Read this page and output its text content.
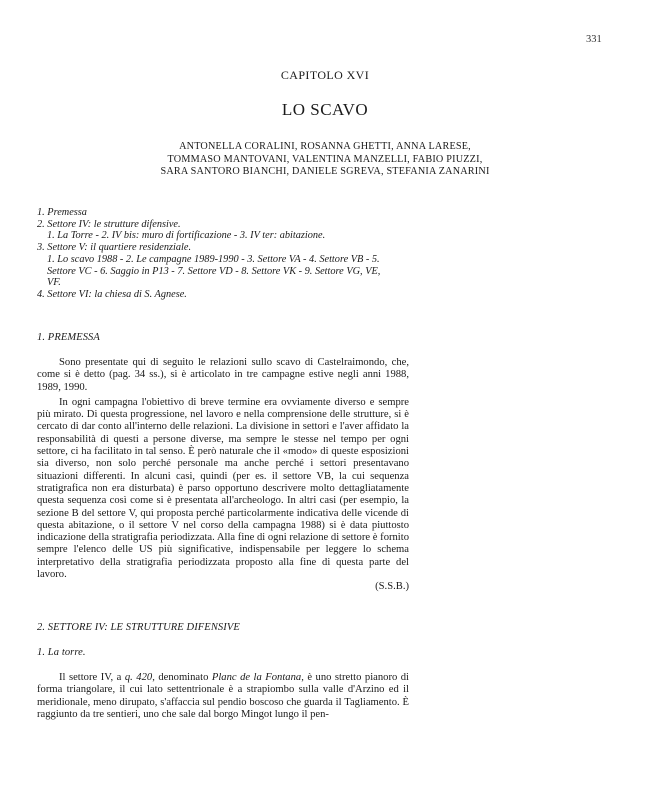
331
CAPITOLO XVI
LO SCAVO
ANTONELLA CORALINI, ROSANNA GHETTI, ANNA LARESE,
TOMMASO MANTOVANI, VALENTINA MANZELLI, FABIO PIUZZI,
SARA SANTORO BIANCHI, DANIELE SGREVA, STEFANIA ZANARINI
1. Premessa
2. Settore IV: le strutture difensive.
1. La Torre - 2. IV bis: muro di fortificazione - 3. IV ter: abitazione.
3. Settore V: il quartiere residenziale.
1. Lo scavo 1988 - 2. Le campagne 1989-1990 - 3. Settore VA - 4. Settore VB - 5.
Settore VC - 6. Saggio in P13 - 7. Settore VD - 8. Settore VK - 9. Settore VG, VE,
VF.
4. Settore VI: la chiesa di S. Agnese.
1. PREMESSA

Sono presentate qui di seguito le relazioni sullo scavo di Castelraimondo, che, come si è detto (pag. 34 ss.), si è articolato in tre campagne estive negli anni 1988, 1989, 1990.

In ogni campagna l'obiettivo di breve termine era ovviamente diverso e sempre più mirato. Di questa progressione, nel lavoro e nella comprensione delle strutture, si è cercato di dar conto all'interno delle relazioni. La divisione in settori e l'aver affidato la responsabilità di questi a persone diverse, ma sempre le stesse nel tempo per ogni settore, ci ha facilitato in tal senso. È però naturale che il «modo» di queste esposizioni sia diverso, non solo perché personale ma anche perché i settori presentavano situazioni differenti. In alcuni casi, quindi (per es. il settore VB, la cui sequenza stratigrafica non era disturbata) è parso opportuno descrivere molto dettagliatamente questa sequenza così come si è presentata all'archeologo. In altri casi (per esempio, la sezione B del settore V, qui proposta perché particolarmente indicativa delle vicende di questa abitazione, o il settore V nel corso della campagna 1988) si è data piuttosto indicazione della stratigrafia periodizzata. Alla fine di ogni relazione di settore è fornito sempre l'elenco delle US più significative, indispensabile per leggere lo schema interpretativo della stratigrafia periodizzata proposto alla fine di questa parte del lavoro.

(S.S.B.)
2. SETTORE IV: LE STRUTTURE DIFENSIVE
1. La torre.

Il settore IV, a q. 420, denominato Planc de la Fontana, è uno stretto pianoro di forma triangolare, il cui lato settentrionale è a strapiombo sulla valle d'Arzino ed il meridionale, meno dirupato, s'affaccia sul pendio boscoso che guarda il Tagliamento. È raggiunto da tre sentieri, uno che sale dal borgo Mingot lungo il pen-
